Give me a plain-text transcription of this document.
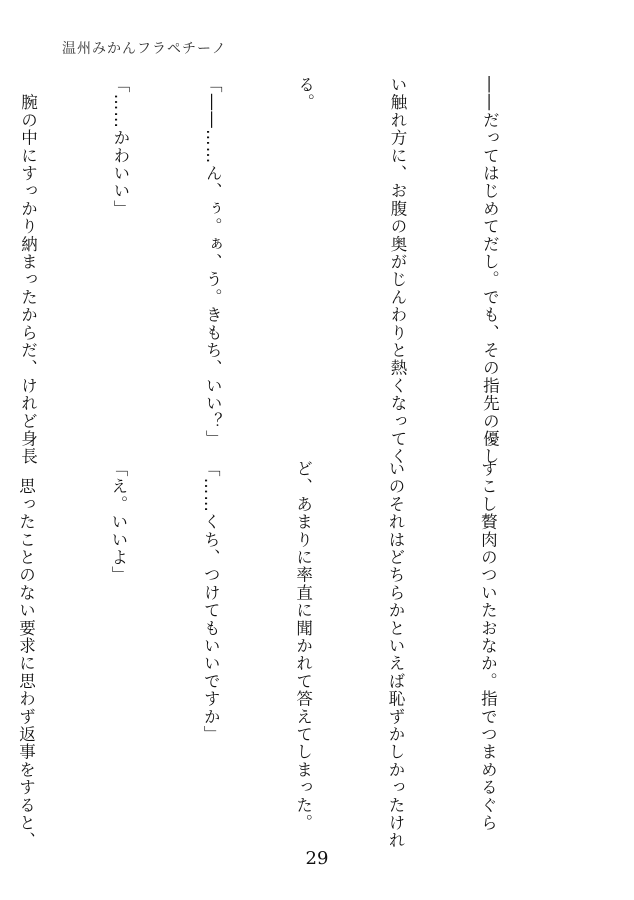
温州みかんフラペチーノ

――だってはじめてだし。でも、その指先の優し

い触れ方に、お腹の奥がじんわりと熱くなってく

る。

「――……ん、ぅ。ぁ、う。きもち、いい？」

「……かわいい」

　腕の中にすっかり納まったからだ、けれど身長

すこし贅肉のついたおなか。指でつまめるぐら

いのそれはどちらかといえば恥ずかしかったけれ

ど、あまりに率直に聞かれて答えてしまった。

「……くち、つけてもいいですか」

「え。いいよ」

　思ったことのない要求に思わず返事をすると、

29
